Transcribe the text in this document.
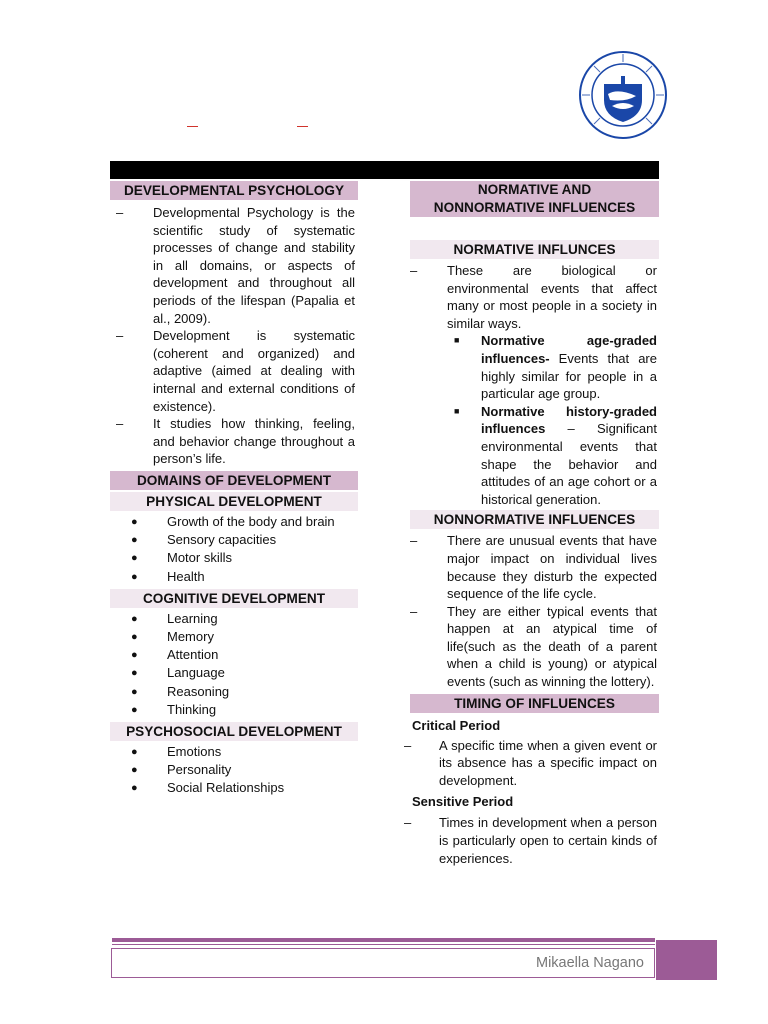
DEVELOPMENTAL PSYCHOLOGY
– Developmental Psychology is the scientific study of systematic processes of change and stability in all domains, or aspects of development and throughout all periods of the lifespan (Papalia et al., 2009).
– Development is systematic (coherent and organized) and adaptive (aimed at dealing with internal and external conditions of existence).
– It studies how thinking, feeling, and behavior change throughout a person’s life.
DOMAINS OF DEVELOPMENT
PHYSICAL DEVELOPMENT
● Growth of the body and brain
● Sensory capacities
● Motor skills
● Health
COGNITIVE DEVELOPMENT
● Learning
● Memory
● Attention
● Language
● Reasoning
● Thinking
PSYCHOSOCIAL DEVELOPMENT
● Emotions
● Personality
● Social Relationships
NORMATIVE AND NONNORMATIVE INFLUENCES
NORMATIVE INFLUNCES
– These are biological or environmental events that affect many or most people in a society in similar ways.
■ Normative age-graded influences- Events that are highly similar for people in a particular age group.
■ Normative history-graded influences – Significant environmental events that shape the behavior and attitudes of an age cohort or a historical generation.
NONNORMATIVE INFLUENCES
– There are unusual events that have major impact on individual lives because they disturb the expected sequence of the life cycle.
– They are either typical events that happen at an atypical time of life(such as the death of a parent when a child is young) or atypical events (such as winning the lottery).
TIMING OF INFLUENCES
Critical Period
– A specific time when a given event or its absence has a specific impact on development.
Sensitive Period
– Times in development when a person is particularly open to certain kinds of experiences.
Mikaella Nagano
